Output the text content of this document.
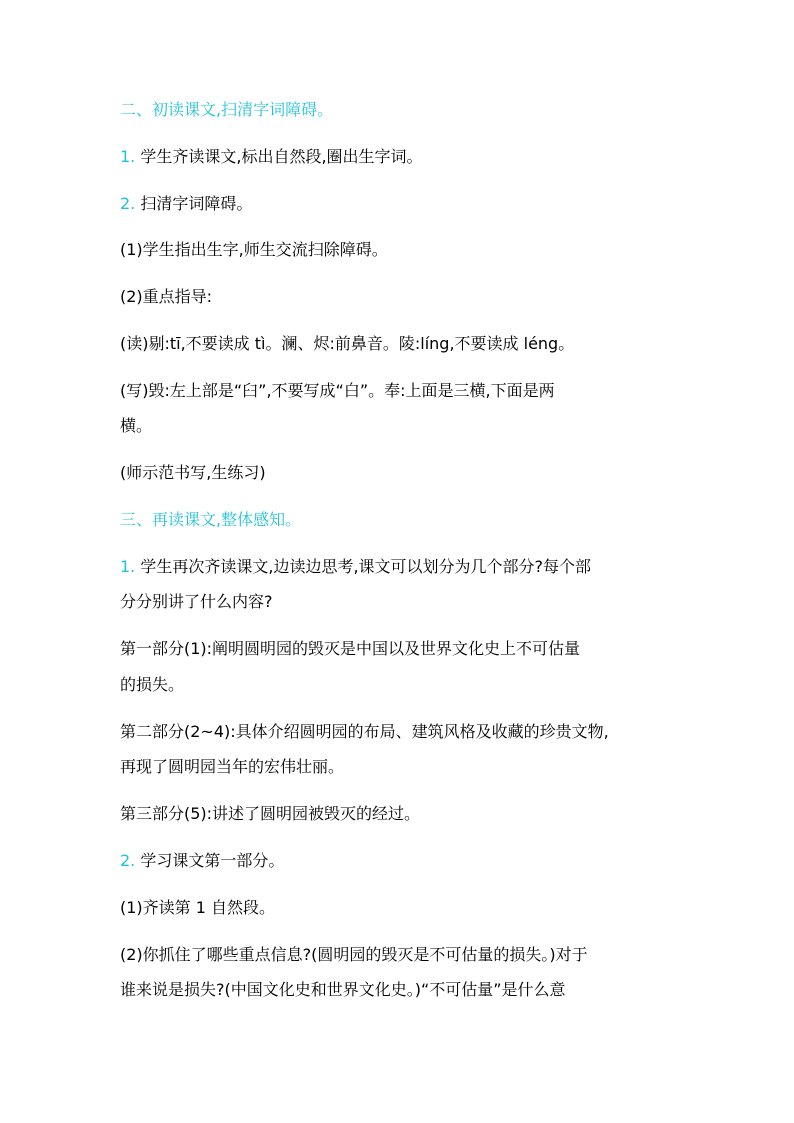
二、初读课文,扫清字词障碍。
1. 学生齐读课文,标出自然段,圈出生字词。
2. 扫清字词障碍。
(1)学生指出生字,师生交流扫除障碍。
(2)重点指导:
(读)剔:tī,不要读成 tì。澜、烬:前鼻音。陵:líng,不要读成 léng。
(写)毁:左上部是“臼”,不要写成“白”。奉:上面是三横,下面是两
横。
(师示范书写,生练习)
三、再读课文,整体感知。
1. 学生再次齐读课文,边读边思考,课文可以划分为几个部分?每个部
分分别讲了什么内容?
第一部分(1):阐明圆明园的毁灭是中国以及世界文化史上不可估量
的损失。
第二部分(2~4):具体介绍圆明园的布局、建筑风格及收藏的珍贵文物,
再现了圆明园当年的宏伟壮丽。
第三部分(5):讲述了圆明园被毁灭的经过。
2. 学习课文第一部分。
(1)齐读第 1 自然段。
(2)你抓住了哪些重点信息?(圆明园的毁灭是不可估量的损失。)对于
谁来说是损失?(中国文化史和世界文化史。)“不可估量”是什么意
